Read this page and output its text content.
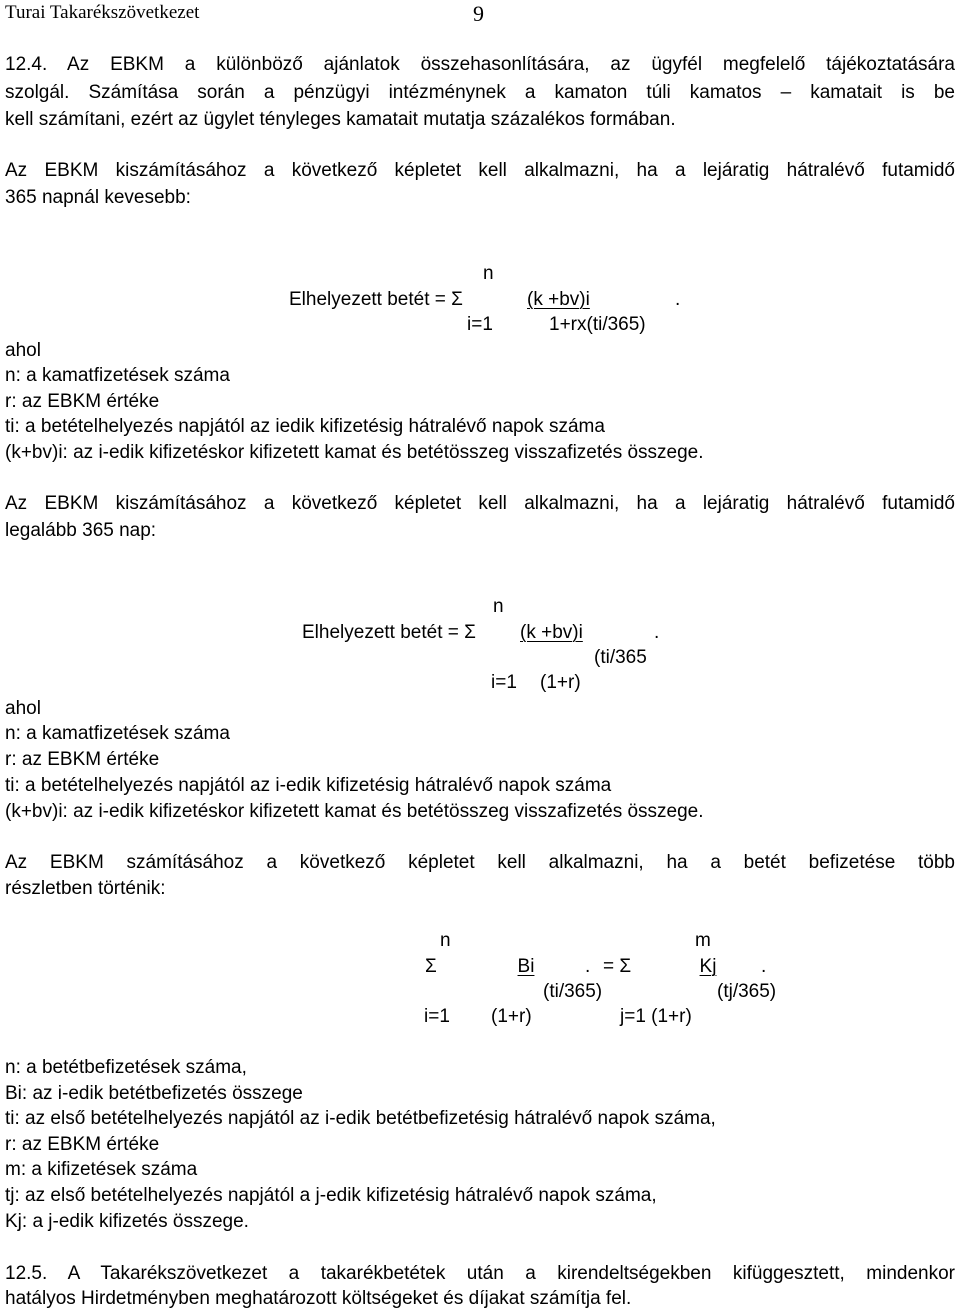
Turai Takarékszövetkezet	9
12.4. Az EBKM a különböző ajánlatok összehasonlítására, az ügyfél megfelelő tájékoztatására
szolgál. Számítása során a pénzügyi intézménynek a kamaton túli kamatos – kamatait is be
kell számítani, ezért az ügylet tényleges kamatait mutatja százalékos formában.
Az EBKM kiszámításához a következő képletet kell alkalmazni, ha a lejáratig hátralévő futamidő
365 napnál kevesebb:
n
Elhelyezett betét = Σ	(k +bv)i	.
i=1	1+rx(ti/365)
ahol
n: a kamatfizetések száma
r: az EBKM értéke
ti: a betételhelyezés napjától az iedik kifizetésig hátralévő napok száma
(k+bv)i: az i-edik kifizetéskor kifizetett kamat és betétösszeg visszafizetés összege.
Az EBKM kiszámításához a következő képletet kell alkalmazni, ha a lejáratig hátralévő futamidő
legalább 365 nap:
n
Elhelyezett betét = Σ (k +bv)i	.
(ti/365
i=1 (1+r)
ahol
n: a kamatfizetések száma
r: az EBKM értéke
ti: a betételhelyezés napjától az i-edik kifizetésig hátralévő napok száma
(k+bv)i: az i-edik kifizetéskor kifizetett kamat és betétösszeg visszafizetés összege.
Az EBKM számításához a következő képletet kell alkalmazni, ha a betét befizetése több
részletben történik:
n	m
Σ	Bi	. = Σ	Kj	.
(ti/365)	(tj/365)
i=1 (1+r)	j=1 (1+r)
n: a betétbefizetések száma,
Bi: az i-edik betétbefizetés összege
ti: az első betételhelyezés napjától az i-edik betétbefizetésig hátralévő napok száma,
r: az EBKM értéke
m: a kifizetések száma
tj: az első betételhelyezés napjától a j-edik kifizetésig hátralévő napok száma,
Kj: a j-edik kifizetés összege.
12.5. A Takarékszövetkezet a takarékbetétek után a kirendeltségekben kifüggesztett, mindenkor
hatályos Hirdetményben meghatározott költségeket és díjakat számítja fel.
